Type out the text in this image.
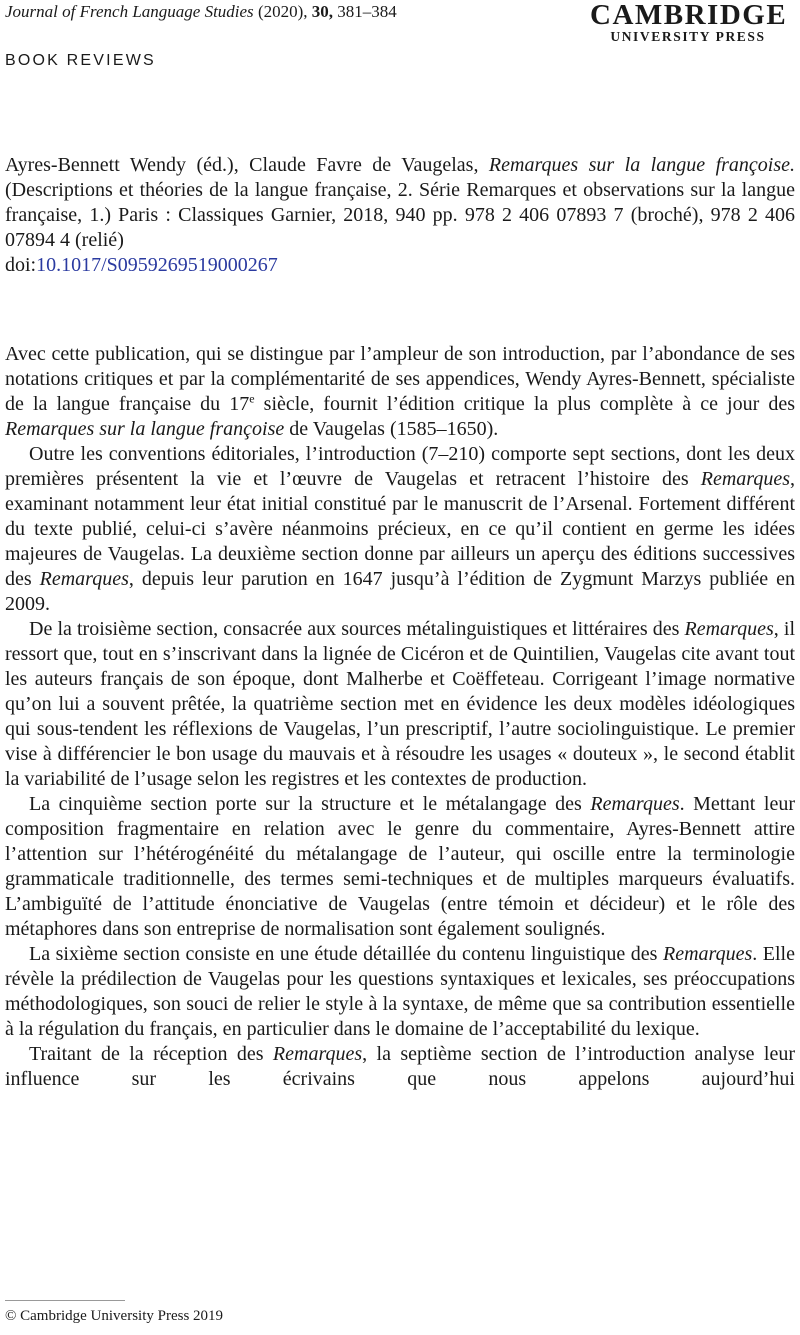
Journal of French Language Studies (2020), 30, 381–384	CAMBRIDGE
UNIVERSITY PRESS
BOOK REVIEWS
Ayres-Bennett Wendy (éd.), Claude Favre de Vaugelas, Remarques sur la langue françoise. (Descriptions et théories de la langue française, 2. Série Remarques et observations sur la langue française, 1.) Paris : Classiques Garnier, 2018, 940 pp. 978 2 406 07893 7 (broché), 978 2 406 07894 4 (relié)
doi:10.1017/S0959269519000267

Avec cette publication, qui se distingue par l’ampleur de son introduction, par l’abondance de ses notations critiques et par la complémentarité de ses appendices, Wendy Ayres-Bennett, spécialiste de la langue française du 17e siècle, fournit l’édition critique la plus complète à ce jour des Remarques sur la langue françoise de Vaugelas (1585–1650).

Outre les conventions éditoriales, l’introduction (7–210) comporte sept sections, dont les deux premières présentent la vie et l’œuvre de Vaugelas et retracent l’histoire des Remarques, examinant notamment leur état initial constitué par le manuscrit de l’Arsenal. Fortement différent du texte publié, celui-ci s’avère néanmoins précieux, en ce qu’il contient en germe les idées majeures de Vaugelas. La deuxième section donne par ailleurs un aperçu des éditions successives des Remarques, depuis leur parution en 1647 jusqu’à l’édition de Zygmunt Marzys publiée en 2009.

De la troisième section, consacrée aux sources métalinguistiques et littéraires des Remarques, il ressort que, tout en s’inscrivant dans la lignée de Cicéron et de Quintilien, Vaugelas cite avant tout les auteurs français de son époque, dont Malherbe et Coëffeteau. Corrigeant l’image normative qu’on lui a souvent prêtée, la quatrième section met en évidence les deux modèles idéologiques qui sous-tendent les réflexions de Vaugelas, l’un prescriptif, l’autre sociolinguistique. Le premier vise à différencier le bon usage du mauvais et à résoudre les usages « douteux », le second établit la variabilité de l’usage selon les registres et les contextes de production.

La cinquième section porte sur la structure et le métalangage des Remarques. Mettant leur composition fragmentaire en relation avec le genre du commentaire, Ayres-Bennett attire l’attention sur l’hétérogénéité du métalangage de l’auteur, qui oscille entre la terminologie grammaticale traditionnelle, des termes semi-techniques et de multiples marqueurs évaluatifs. L’ambiguïté de l’attitude énonciative de Vaugelas (entre témoin et décideur) et le rôle des métaphores dans son entreprise de normalisation sont également soulignés.

La sixième section consiste en une étude détaillée du contenu linguistique des Remarques. Elle révèle la prédilection de Vaugelas pour les questions syntaxiques et lexicales, ses préoccupations méthodologiques, son souci de relier le style à la syntaxe, de même que sa contribution essentielle à la régulation du français, en particulier dans le domaine de l’acceptabilité du lexique.

Traitant de la réception des Remarques, la septième section de l’introduction analyse leur influence sur les écrivains que nous appelons aujourd’hui

© Cambridge University Press 2019
